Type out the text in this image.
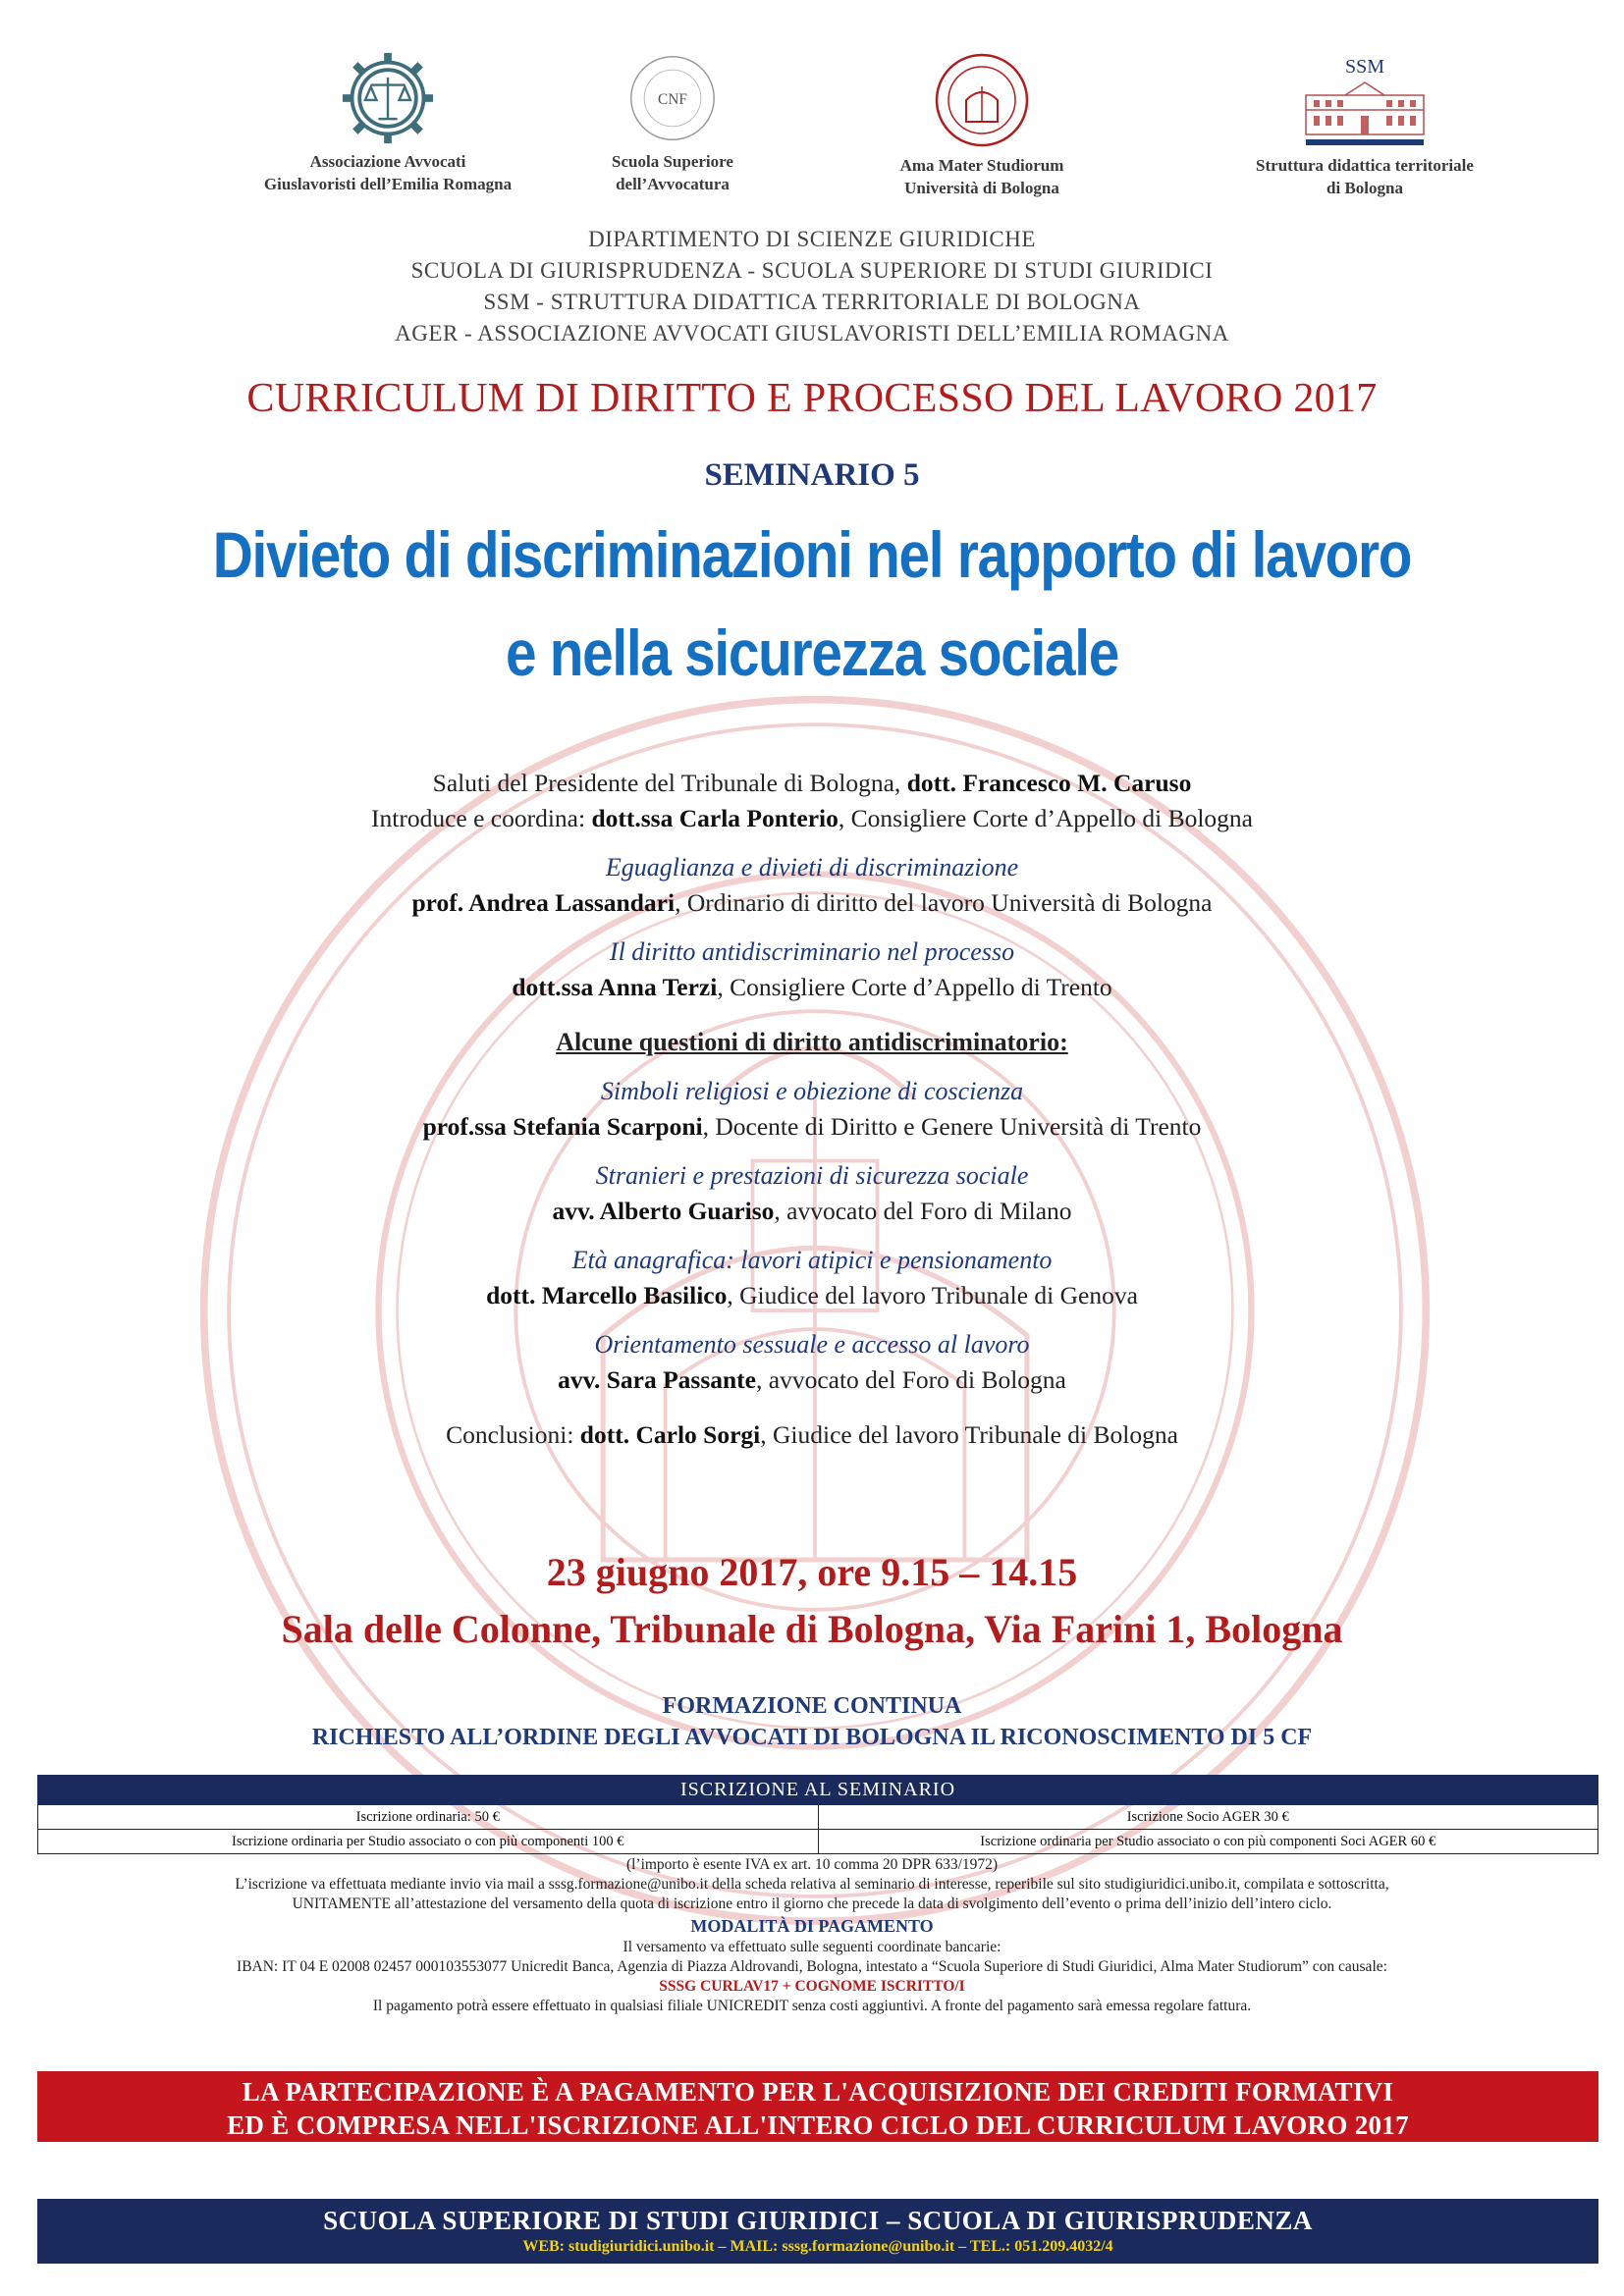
Associazione Avvocati
Giuslavoristi dell’Emilia Romagna
CNF
Scuola Superiore
dell’Avvocatura
Ama Mater Studiorum
Università di Bologna
SSM
Struttura didattica territoriale
di Bologna
DIPARTIMENTO DI SCIENZE GIURIDICHE
SCUOLA DI GIURISPRUDENZA - SCUOLA SUPERIORE DI STUDI GIURIDICI
SSM - STRUTTURA DIDATTICA TERRITORIALE DI BOLOGNA
AGER - ASSOCIAZIONE AVVOCATI GIUSLAVORISTI DELL’EMILIA ROMAGNA
CURRICULUM DI DIRITTO E PROCESSO DEL LAVORO 2017
SEMINARIO 5
Divieto di discriminazioni nel rapporto di lavoro
e nella sicurezza sociale
Saluti del Presidente del Tribunale di Bologna, dott. Francesco M. Caruso
Introduce e coordina: dott.ssa Carla Ponterio, Consigliere Corte d’Appello di Bologna
Eguaglianza e divieti di discriminazione
prof. Andrea Lassandari, Ordinario di diritto del lavoro Università di Bologna
Il diritto antidiscriminario nel processo
dott.ssa Anna Terzi, Consigliere Corte d’Appello di Trento
Alcune questioni di diritto antidiscriminatorio:
Simboli religiosi e obiezione di coscienza
prof.ssa Stefania Scarponi, Docente di Diritto e Genere Università di Trento
Stranieri e prestazioni di sicurezza sociale
avv. Alberto Guariso, avvocato del Foro di Milano
Età anagrafica: lavori atipici e pensionamento
dott. Marcello Basilico, Giudice del lavoro Tribunale di Genova
Orientamento sessuale e accesso al lavoro
avv. Sara Passante, avvocato del Foro di Bologna
Conclusioni: dott. Carlo Sorgi, Giudice del lavoro Tribunale di Bologna
23 giugno 2017, ore 9.15 – 14.15
Sala delle Colonne, Tribunale di Bologna, Via Farini 1, Bologna
FORMAZIONE CONTINUA
RICHIESTO ALL’ORDINE DEGLI AVVOCATI DI BOLOGNA IL RICONOSCIMENTO DI 5 CF
ISCRIZIONE AL SEMINARIO	
Iscrizione ordinaria: 50 €	Iscrizione Socio AGER 30 €
Iscrizione ordinaria per Studio associato o con più componenti 100 €	Iscrizione ordinaria per Studio associato o con più componenti Soci AGER 60 €
(l’importo è esente IVA ex art. 10 comma 20 DPR 633/1972)
L’iscrizione va effettuata mediante invio via mail a sssg.formazione@unibo.it della scheda relativa al seminario di interesse, reperibile sul sito studigiuridici.unibo.it, compilata e sottoscritta,
UNITAMENTE all’attestazione del versamento della quota di iscrizione entro il giorno che precede la data di svolgimento dell’evento o prima dell’inizio dell’intero ciclo.
MODALITÀ DI PAGAMENTO
Il versamento va effettuato sulle seguenti coordinate bancarie:
IBAN: IT 04 E 02008 02457 000103553077 Unicredit Banca, Agenzia di Piazza Aldrovandi, Bologna, intestato a “Scuola Superiore di Studi Giuridici, Alma Mater Studiorum” con causale:
SSSG CURLAV17 + COGNOME ISCRITTO/I
Il pagamento potrà essere effettuato in qualsiasi filiale UNICREDIT senza costi aggiuntivi. A fronte del pagamento sarà emessa regolare fattura.
LA PARTECIPAZIONE È A PAGAMENTO PER L'ACQUISIZIONE DEI CREDITI FORMATIVI
ED È COMPRESA NELL'ISCRIZIONE ALL'INTERO CICLO DEL CURRICULUM LAVORO 2017
SCUOLA SUPERIORE DI STUDI GIURIDICI – SCUOLA DI GIURISPRUDENZA
WEB: studigiuridici.unibo.it – MAIL: sssg.formazione@unibo.it – TEL.: 051.209.4032/4
